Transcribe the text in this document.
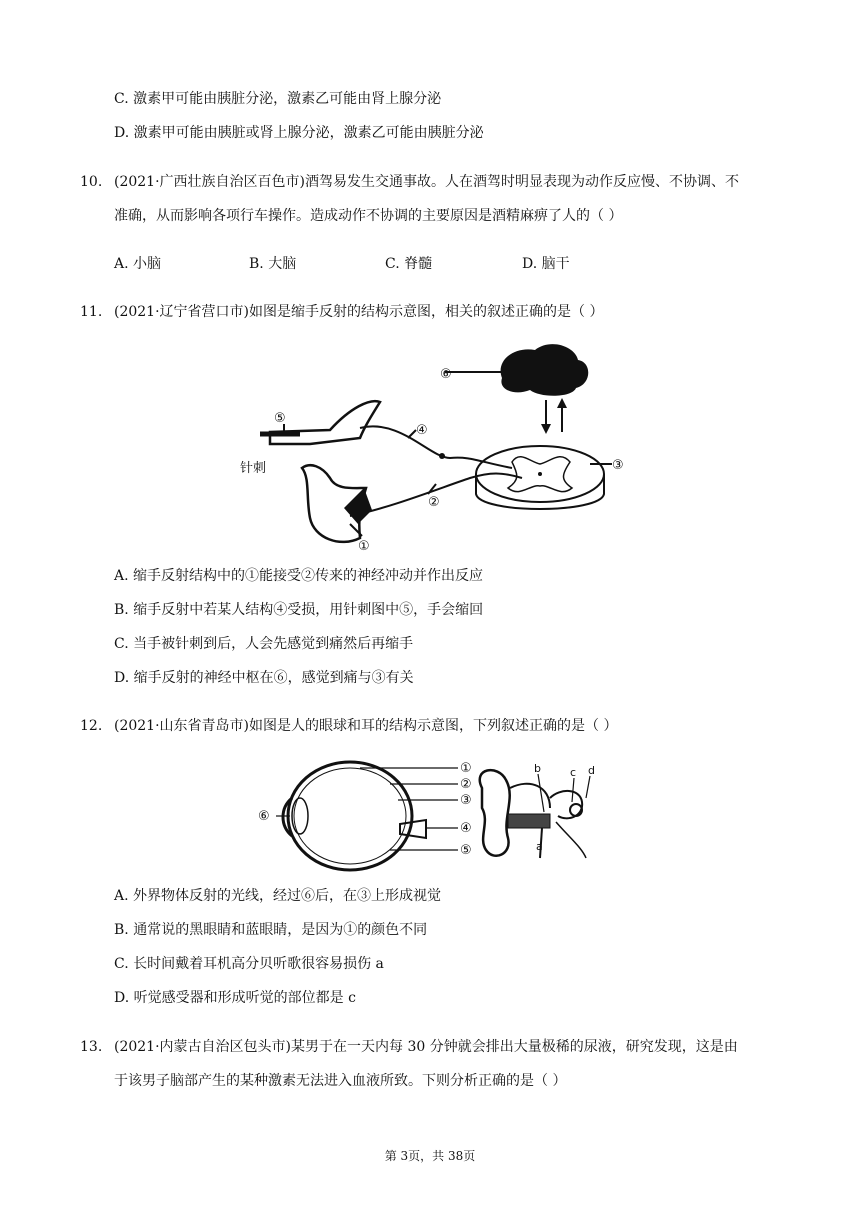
C. 激素甲可能由胰脏分泌，激素乙可能由肾上腺分泌
D. 激素甲可能由胰脏或肾上腺分泌，激素乙可能由胰脏分泌
10. (2021·广西壮族自治区百色市)酒驾易发生交通事故。人在酒驾时明显表现为动作反应慢、不协调、不
准确，从而影响各项行车操作。造成动作不协调的主要原因是酒精麻痹了人的（ ）
A. 小脑	B. 大脑	C. 脊髓	D. 脑干
11. (2021·辽宁省营口市)如图是缩手反射的结构示意图，相关的叙述正确的是（ ）
⑥
④
③
②
①
⑤
针刺
A. 缩手反射结构中的①能接受②传来的神经冲动并作出反应
B. 缩手反射中若某人结构④受损，用针刺图中⑤，手会缩回
C. 当手被针刺到后，人会先感觉到痛然后再缩手
D. 缩手反射的神经中枢在⑥，感觉到痛与③有关
12. (2021·山东省青岛市)如图是人的眼球和耳的结构示意图，下列叙述正确的是（ ）
①
②
③
④
⑤
⑥
b	c d
a
A. 外界物体反射的光线，经过⑥后，在③上形成视觉
B. 通常说的黑眼睛和蓝眼睛，是因为①的颜色不同
C. 长时间戴着耳机高分贝听歌很容易损伤 a
D. 听觉感受器和形成听觉的部位都是 c
13. (2021·内蒙古自治区包头市)某男于在一天内每 30 分钟就会排出大量极稀的尿液，研究发现，这是由
于该男子脑部产生的某种激素无法进入血液所致。下则分析正确的是（ ）
第 3页，共 38页
